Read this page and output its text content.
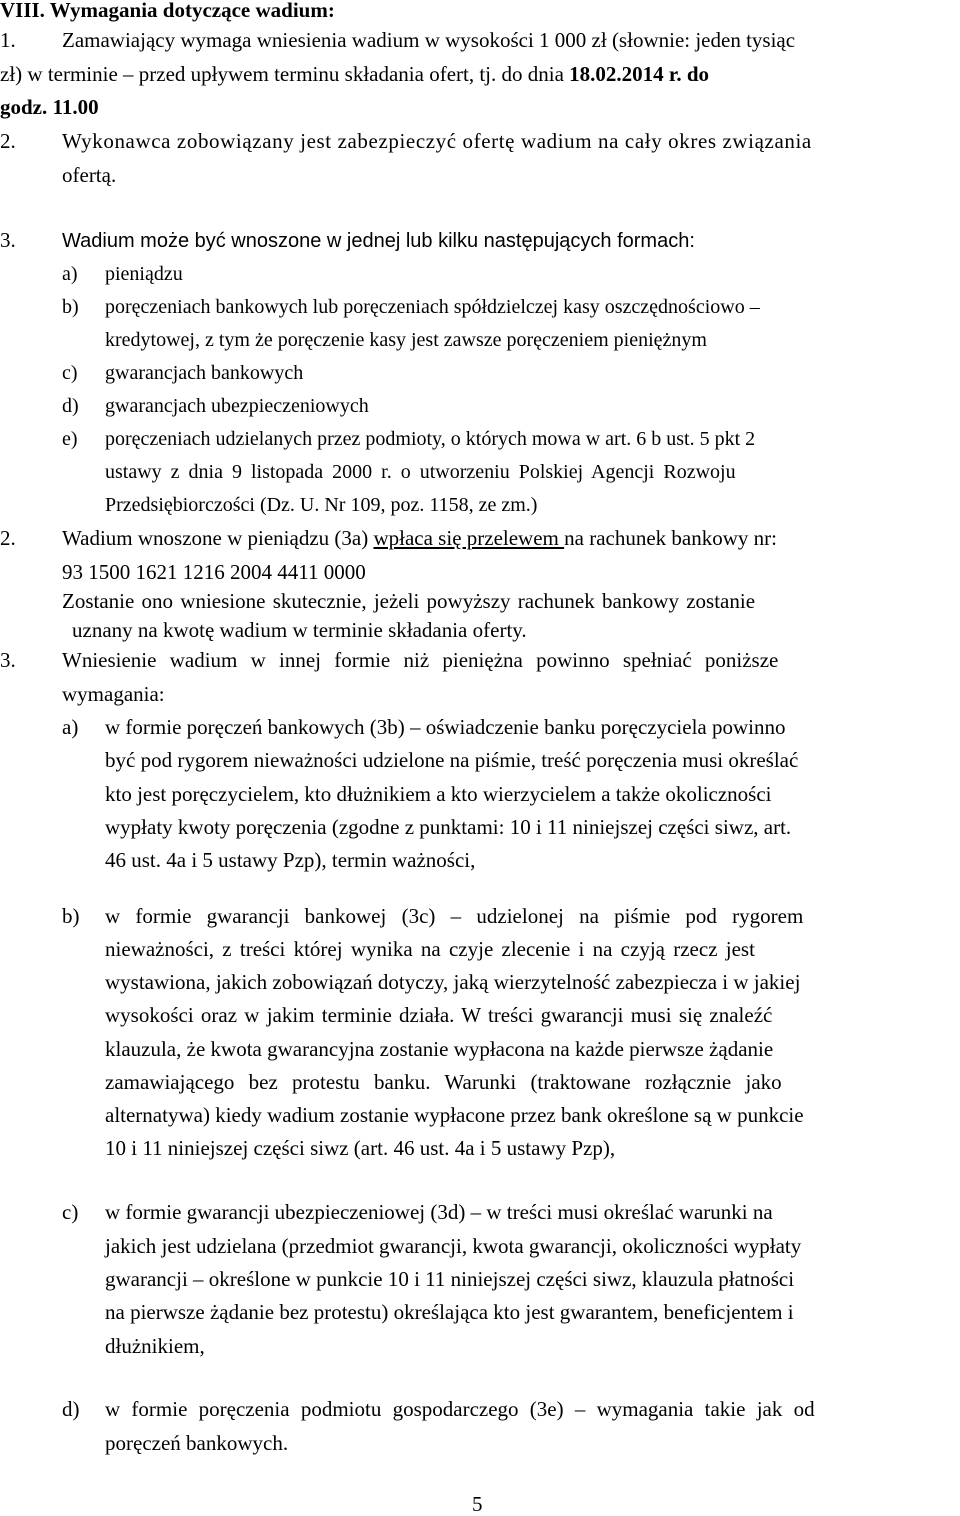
VIII. Wymagania dotyczące wadium:
1. Zamawiający wymaga wniesienia wadium w wysokości 1 000 zł (słownie: jeden tysiąc
zł) w terminie – przed upływem terminu składania ofert, tj. do dnia 18.02.2014 r. do
godz. 11.00
2. Wykonawca zobowiązany jest zabezpieczyć ofertę wadium na cały okres związania
ofertą.
3. Wadium może być wnoszone w jednej lub kilku następujących formach:
a) pieniądzu
b) poręczeniach bankowych lub poręczeniach spółdzielczej kasy oszczędnościowo –
kredytowej, z tym że poręczenie kasy jest zawsze poręczeniem pieniężnym
c) gwarancjach bankowych
d) gwarancjach ubezpieczeniowych
e) poręczeniach udzielanych przez podmioty, o których mowa w art. 6 b ust. 5 pkt 2
ustawy z dnia 9 listopada 2000 r. o utworzeniu Polskiej Agencji Rozwoju
Przedsiębiorczości (Dz. U. Nr 109, poz. 1158, ze zm.)
2. Wadium wnoszone w pieniądzu (3a) wpłaca się przelewem na rachunek bankowy nr:
93 1500 1621 1216 2004 4411 0000
Zostanie ono wniesione skutecznie, jeżeli powyższy rachunek bankowy zostanie
uznany na kwotę wadium w terminie składania oferty.
3. Wniesienie wadium w innej formie niż pieniężna powinno spełniać poniższe
wymagania:
a) w formie poręczeń bankowych (3b) – oświadczenie banku poręczyciela powinno
być pod rygorem nieważności udzielone na piśmie, treść poręczenia musi określać
kto jest poręczycielem, kto dłużnikiem a kto wierzycielem a także okoliczności
wypłaty kwoty poręczenia (zgodne z punktami: 10 i 11 niniejszej części siwz, art.
46 ust. 4a i 5 ustawy Pzp), termin ważności,
b) w formie gwarancji bankowej (3c) – udzielonej na piśmie pod rygorem
nieważności, z treści której wynika na czyje zlecenie i na czyją rzecz jest
wystawiona, jakich zobowiązań dotyczy, jaką wierzytelność zabezpiecza i w jakiej
wysokości oraz w jakim terminie działa. W treści gwarancji musi się znaleźć
klauzula, że kwota gwarancyjna zostanie wypłacona na każde pierwsze żądanie
zamawiającego bez protestu banku. Warunki (traktowane rozłącznie jako
alternatywa) kiedy wadium zostanie wypłacone przez bank określone są w punkcie
10 i 11 niniejszej części siwz (art. 46 ust. 4a i 5 ustawy Pzp),
c) w formie gwarancji ubezpieczeniowej (3d) – w treści musi określać warunki na
jakich jest udzielana (przedmiot gwarancji, kwota gwarancji, okoliczności wypłaty
gwarancji – określone w punkcie 10 i 11 niniejszej części siwz, klauzula płatności
na pierwsze żądanie bez protestu) określająca kto jest gwarantem, beneficjentem i
dłużnikiem,
d) w formie poręczenia podmiotu gospodarczego (3e) – wymagania takie jak od
poręczeń bankowych.
5
